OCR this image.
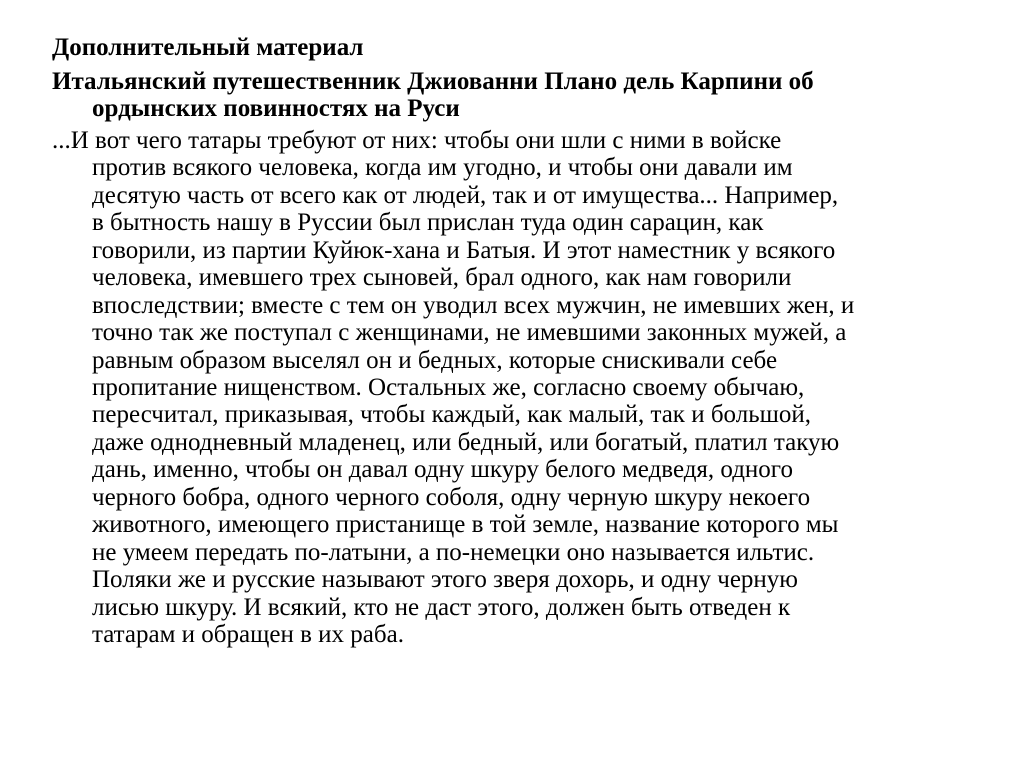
Дополнительный материал
Итальянский путешественник Джиованни Плано дель Карпини об
ордынских повинностях на Руси
...И вот чего татары требуют от них: чтобы они шли с ними в войске
против всякого человека, когда им угодно, и чтобы они давали им
десятую часть от всего как от людей, так и от имущества... Например,
в бытность нашу в Руссии был прислан туда один сарацин, как
говорили, из партии Куйюк-хана и Батыя. И этот наместник у всякого
человека, имевшего трех сыновей, брал одного, как нам говорили
впоследствии; вместе с тем он уводил всех мужчин, не имевших жен, и
точно так же поступал с женщинами, не имевшими законных мужей, а
равным образом выселял он и бедных, которые снискивали себе
пропитание нищенством. Остальных же, согласно своему обычаю,
пересчитал, приказывая, чтобы каждый, как малый, так и большой,
даже однодневный младенец, или бедный, или богатый, платил такую
дань, именно, чтобы он давал одну шкуру белого медведя, одного
черного бобра, одного черного соболя, одну черную шкуру некоего
животного, имеющего пристанище в той земле, название которого мы
не умеем передать по-латыни, а по-немецки оно называется ильтис.
Поляки же и русские называют этого зверя дохорь, и одну черную
лисью шкуру. И всякий, кто не даст этого, должен быть отведен к
татарам и обращен в их раба.
